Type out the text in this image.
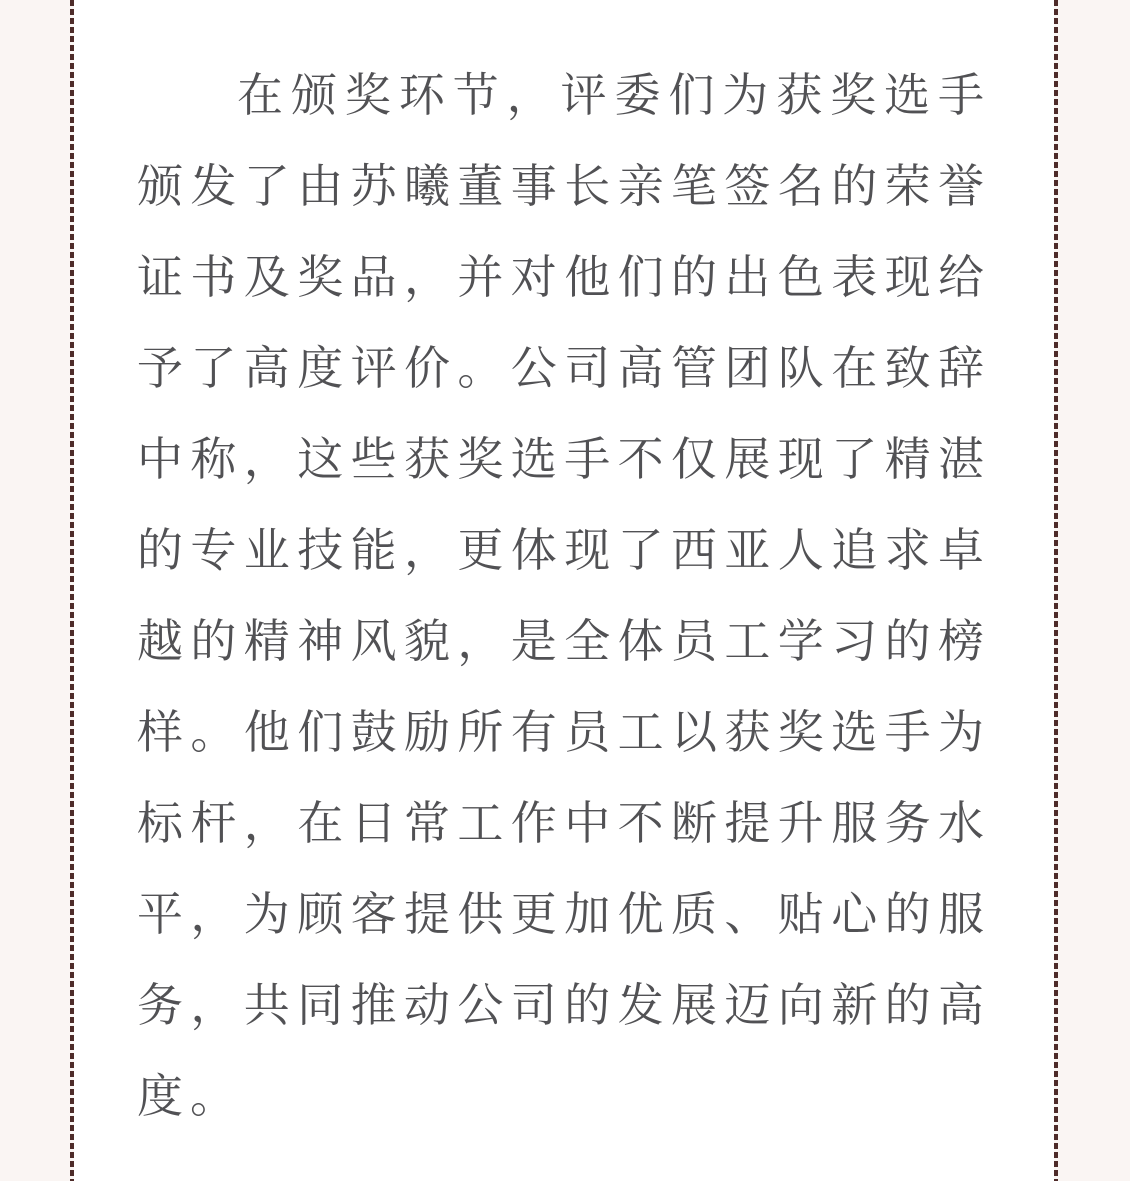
在颁奖环节，评委们为获奖选手颁发了由苏曦董事长亲笔签名的荣誉证书及奖品，并对他们的出色表现给予了高度评价。公司高管团队在致辞中称，这些获奖选手不仅展现了精湛的专业技能，更体现了西亚人追求卓越的精神风貌，是全体员工学习的榜样。他们鼓励所有员工以获奖选手为标杆，在日常工作中不断提升服务水平，为顾客提供更加优质、贴心的服务，共同推动公司的发展迈向新的高度。
